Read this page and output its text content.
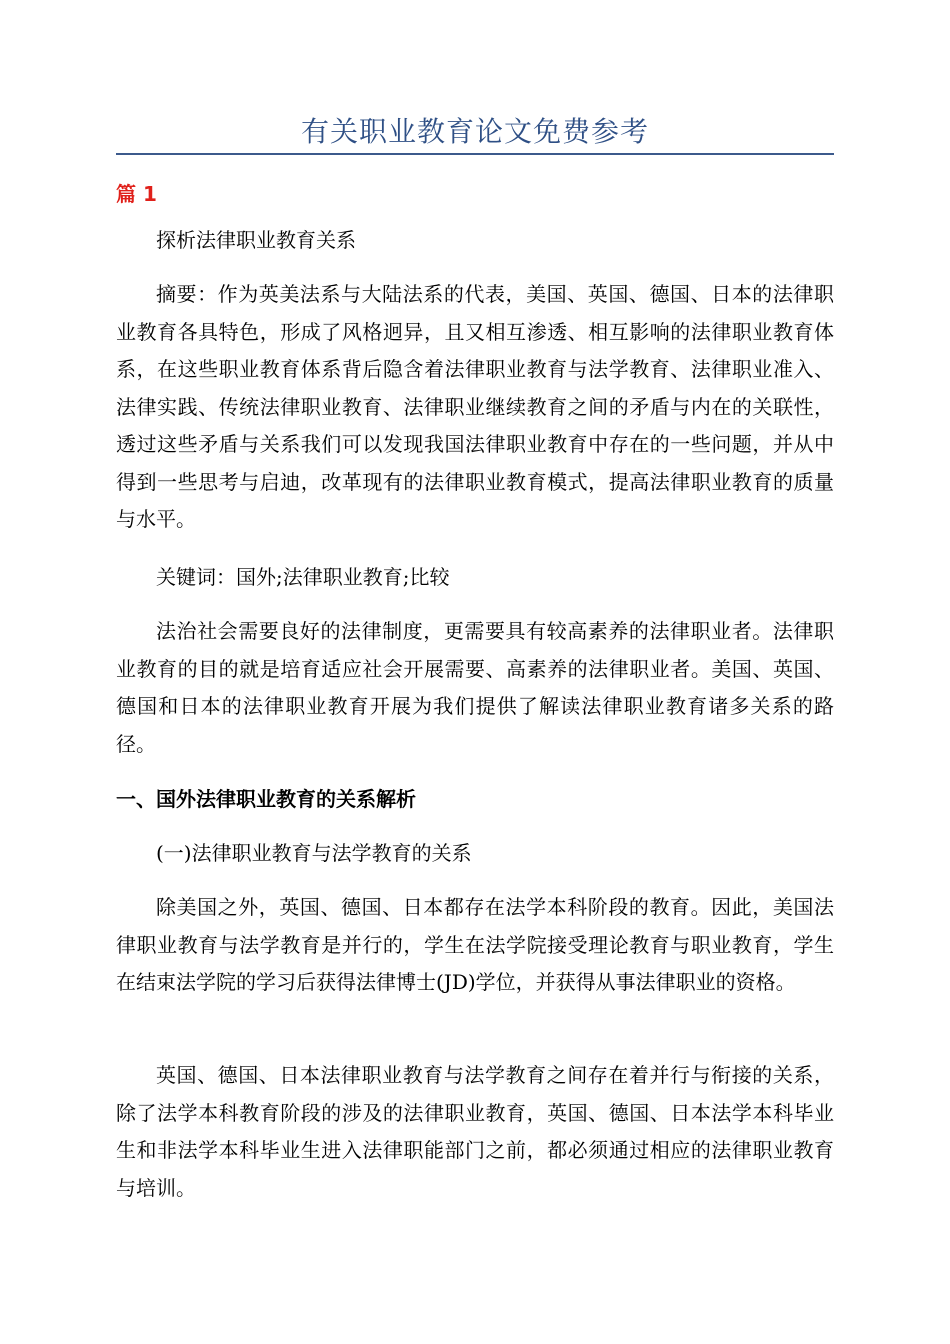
有关职业教育论文免费参考
篇 1

探析法律职业教育关系

摘要：作为英美法系与大陆法系的代表，美国、英国、德国、日本的法律职业教育各具特色，形成了风格迥异，且又相互渗透、相互影响的法律职业教育体系，在这些职业教育体系背后隐含着法律职业教育与法学教育、法律职业准入、法律实践、传统法律职业教育、法律职业继续教育之间的矛盾与内在的关联性，透过这些矛盾与关系我们可以发现我国法律职业教育中存在的一些问题，并从中得到一些思考与启迪，改革现有的法律职业教育模式，提高法律职业教育的质量与水平。

关键词：国外;法律职业教育;比较

法治社会需要良好的法律制度，更需要具有较高素养的法律职业者。法律职业教育的目的就是培育适应社会开展需要、高素养的法律职业者。美国、英国、德国和日本的法律职业教育开展为我们提供了解读法律职业教育诸多关系的路径。

一、国外法律职业教育的关系解析

(一)法律职业教育与法学教育的关系

除美国之外，英国、德国、日本都存在法学本科阶段的教育。因此，美国法律职业教育与法学教育是并行的，学生在法学院接受理论教育与职业教育，学生在结束法学院的学习后获得法律博士(JD)学位，并获得从事法律职业的资格。

英国、德国、日本法律职业教育与法学教育之间存在着并行与衔接的关系，除了法学本科教育阶段的涉及的法律职业教育，英国、德国、日本法学本科毕业生和非法学本科毕业生进入法律职能部门之前，都必须通过相应的法律职业教育与培训。
